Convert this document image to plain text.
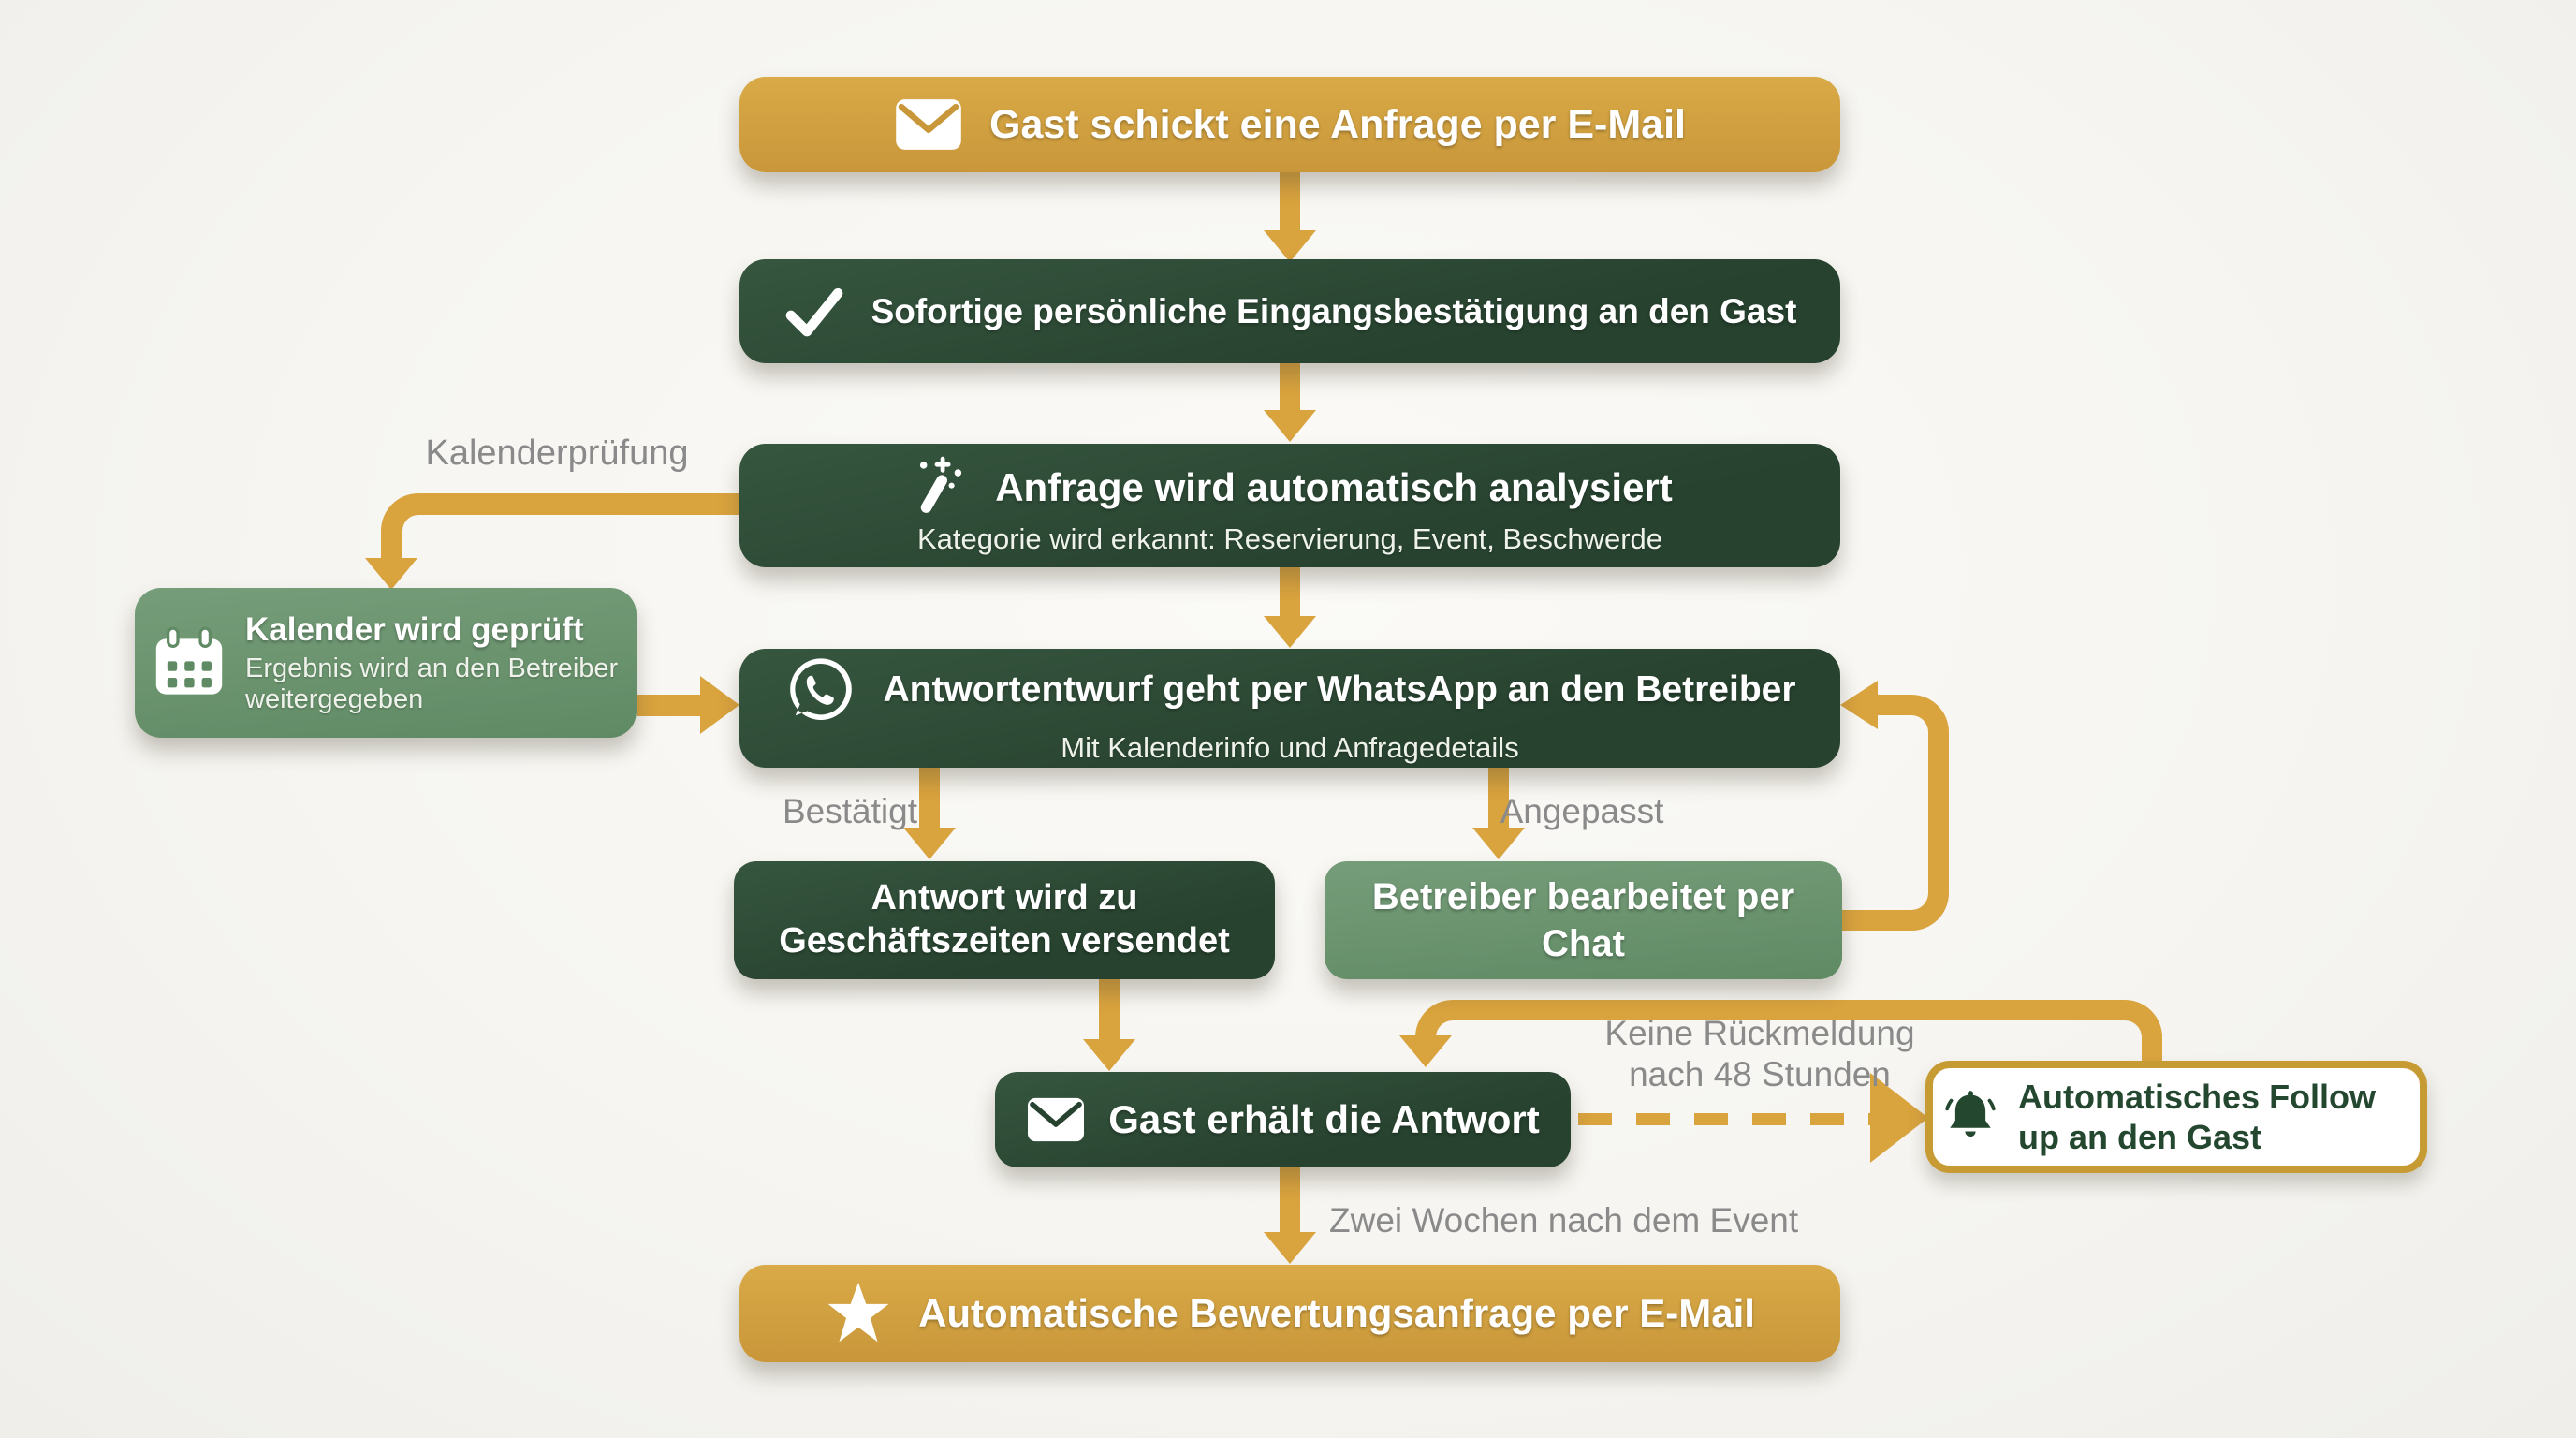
Kalenderprüfung
Bestätigt	Angepasst
Keine Rückmeldung nach 48 Stunden
Zwei Wochen nach dem Event
Gast schickt eine Anfrage per E-Mail
Sofortige persönliche Eingangsbestätigung an den Gast
Anfrage wird automatisch analysiert
Kategorie wird erkannt: Reservierung, Event, Beschwerde
Kalender wird geprüft
Ergebnis wird an den Betreiber weitergegeben	Antwortentwurf geht per WhatsApp an den Betreiber
Mit Kalenderinfo und Anfragedetails
Antwort wird zu Geschäftszeiten versendet
Betreiber bearbeitet per Chat
Gast erhält die Antwort
Automatisches Follow up an den Gast
Automatische Bewertungsanfrage per E-Mail
